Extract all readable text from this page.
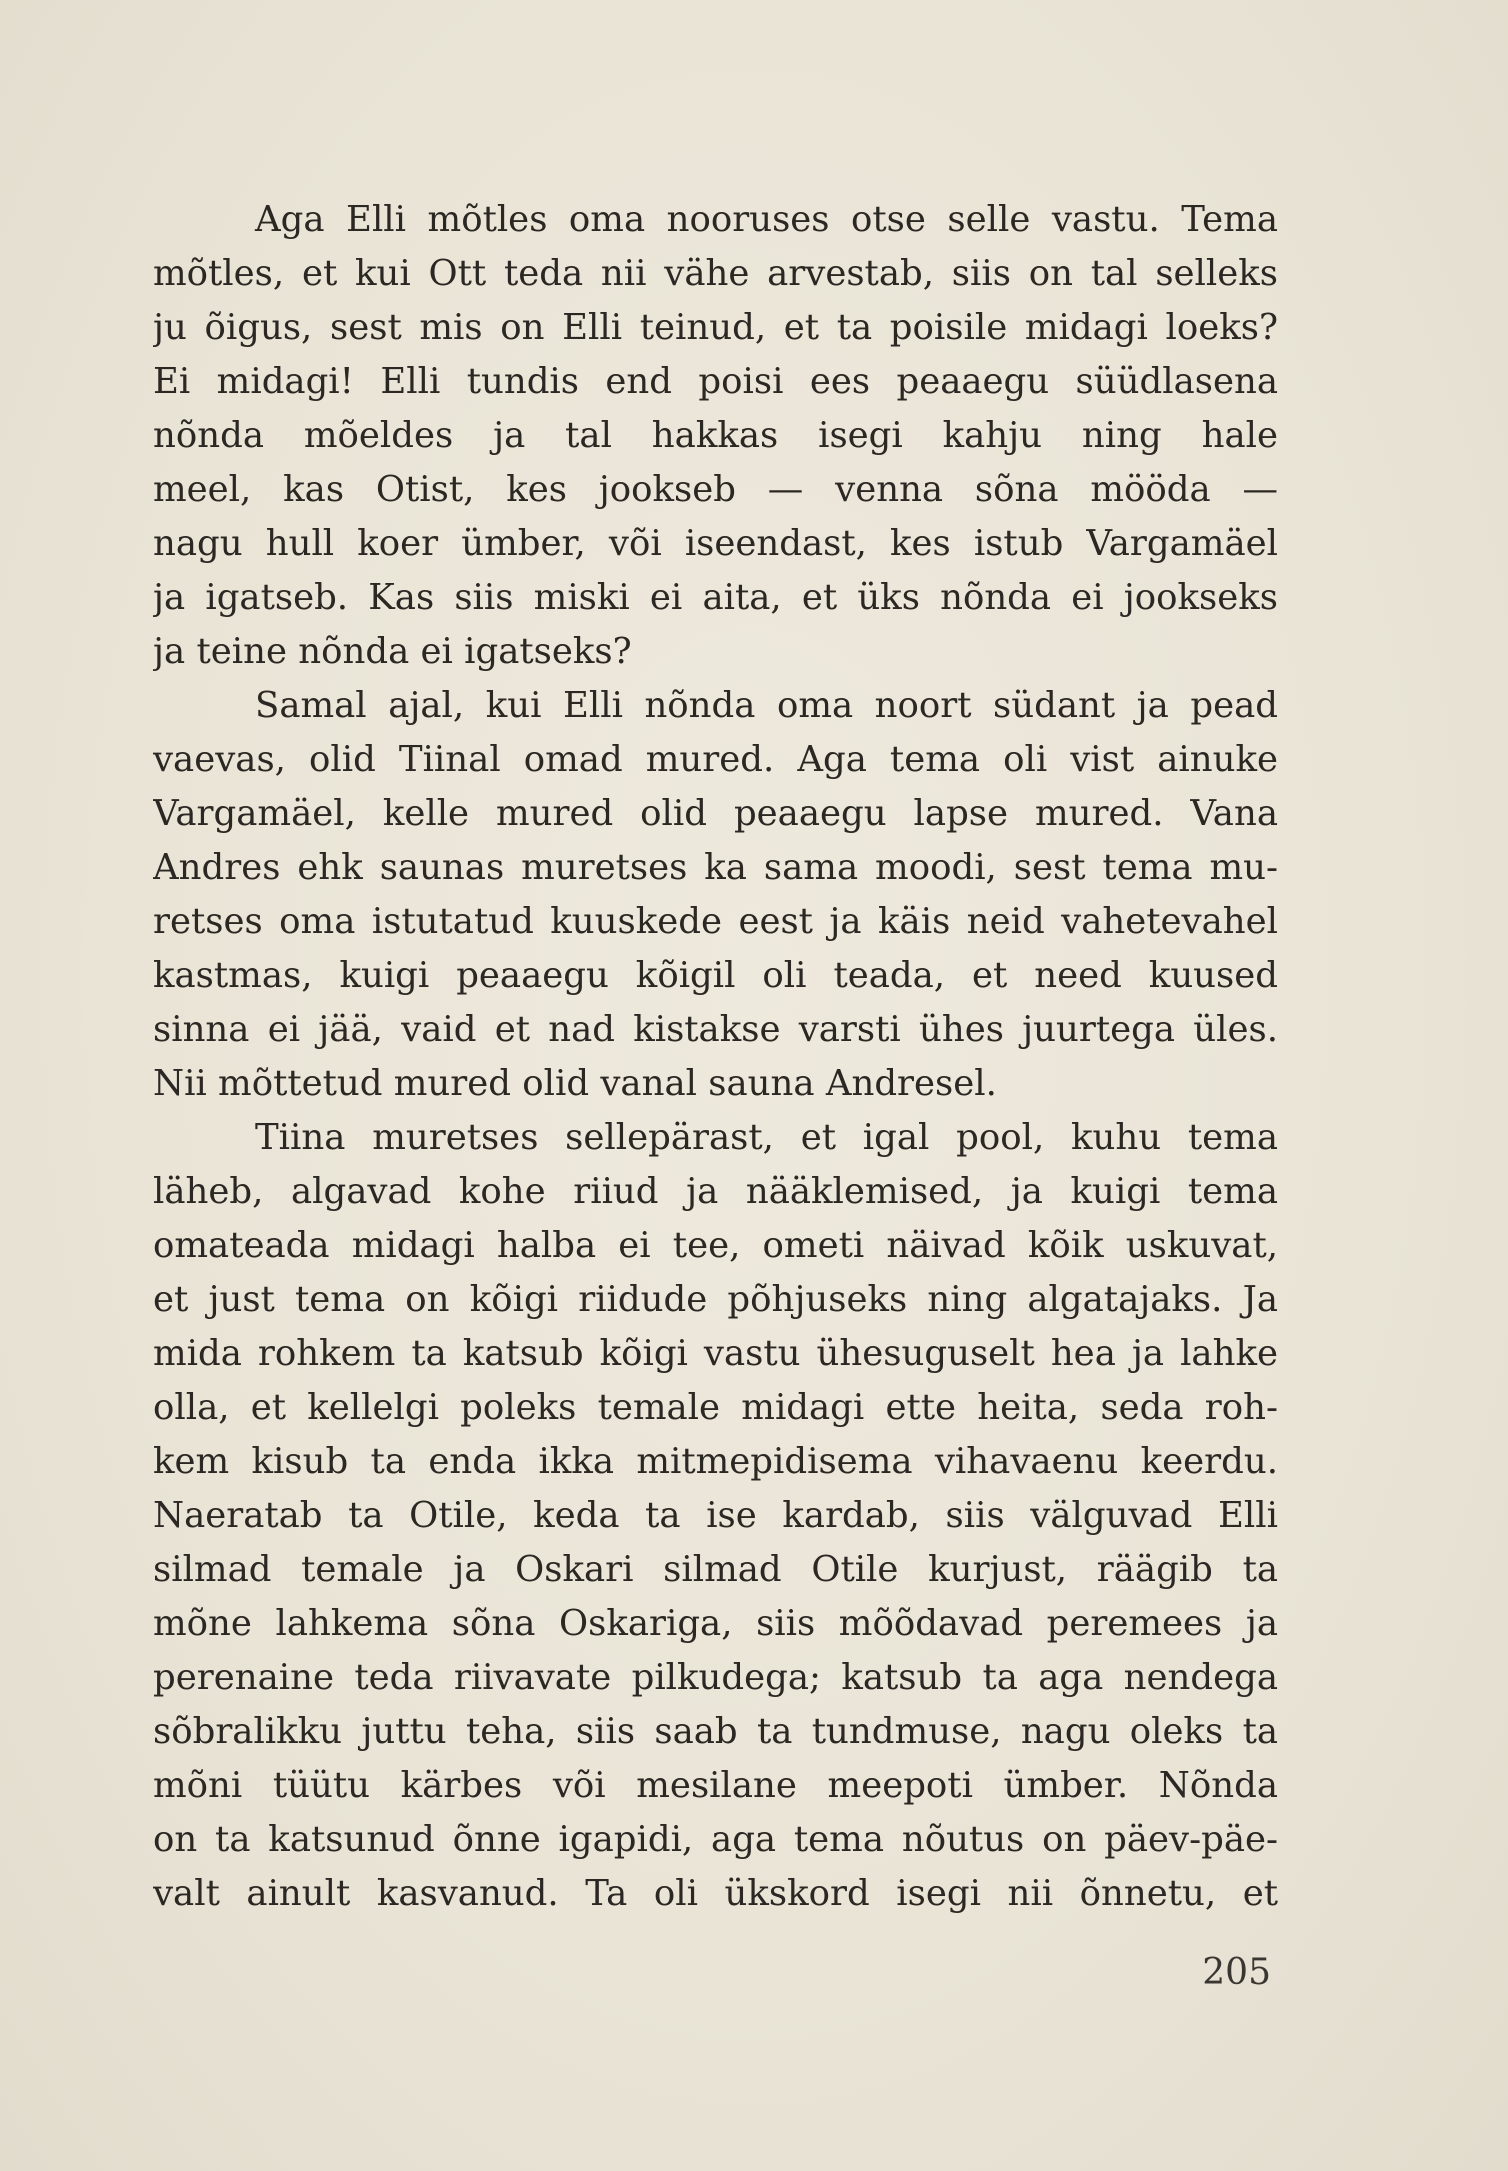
Aga Elli mõtles oma nooruses otse selle vastu. Tema
mõtles, et kui Ott teda nii vähe arvestab, siis on tal selleks
ju õigus, sest mis on Elli teinud, et ta poisile midagi loeks?
Ei midagi! Elli tundis end poisi ees peaaegu süüdlasena
nõnda mõeldes ja tal hakkas isegi kahju ning hale
meel, kas Otist, kes jookseb — venna sõna mööda —
nagu hull koer ümber, või iseendast, kes istub Vargamäel
ja igatseb. Kas siis miski ei aita, et üks nõnda ei jookseks
ja teine nõnda ei igatseks?
Samal ajal, kui Elli nõnda oma noort südant ja pead
vaevas, olid Tiinal omad mured. Aga tema oli vist ainuke
Vargamäel, kelle mured olid peaaegu lapse mured. Vana
Andres ehk saunas muretses ka sama moodi, sest tema mu-
retses oma istutatud kuuskede eest ja käis neid vahetevahel
kastmas, kuigi peaaegu kõigil oli teada, et need kuused
sinna ei jää, vaid et nad kistakse varsti ühes juurtega üles.
Nii mõttetud mured olid vanal sauna Andresel.
Tiina muretses sellepärast, et igal pool, kuhu tema
läheb, algavad kohe riiud ja nääklemised, ja kuigi tema
omateada midagi halba ei tee, ometi näivad kõik uskuvat,
et just tema on kõigi riidude põhjuseks ning algatajaks. Ja
mida rohkem ta katsub kõigi vastu ühesuguselt hea ja lahke
olla, et kellelgi poleks temale midagi ette heita, seda roh-
kem kisub ta enda ikka mitmepidisema vihavaenu keerdu.
Naeratab ta Otile, keda ta ise kardab, siis välguvad Elli
silmad temale ja Oskari silmad Otile kurjust, räägib ta
mõne lahkema sõna Oskariga, siis mõõdavad peremees ja
perenaine teda riivavate pilkudega; katsub ta aga nendega
sõbralikku juttu teha, siis saab ta tundmuse, nagu oleks ta
mõni tüütu kärbes või mesilane meepoti ümber. Nõnda
on ta katsunud õnne igapidi, aga tema nõutus on päev-päe-
valt ainult kasvanud. Ta oli ükskord isegi nii õnnetu, et
205
